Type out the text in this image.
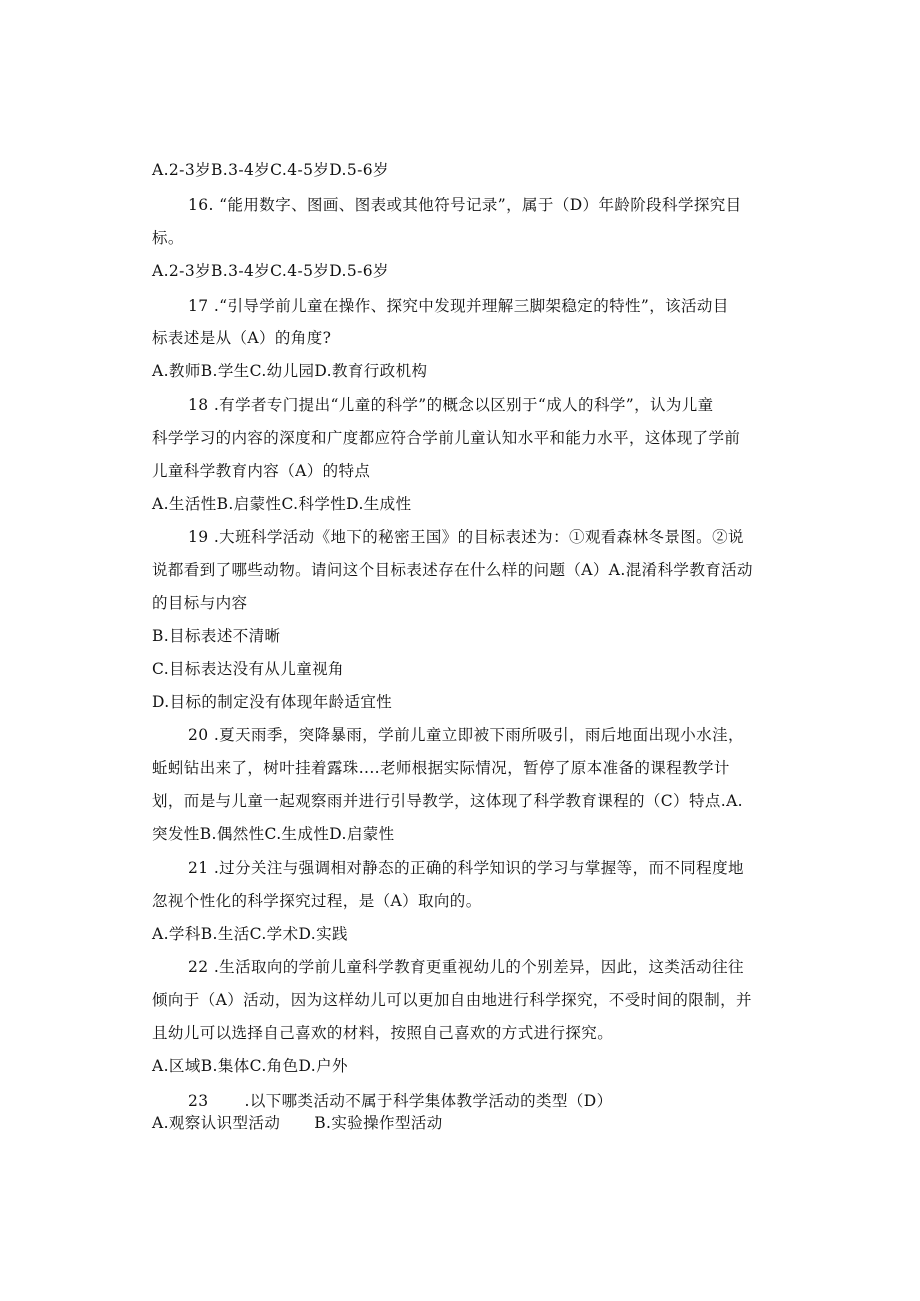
A.2-3岁B.3-4岁C.4-5岁D.5-6岁
16. “能用数字、图画、图表或其他符号记录”，属于（D）年龄阶段科学探究目
标。
A.2-3岁B.3-4岁C.4-5岁D.5-6岁
17 .“引导学前儿童在操作、探究中发现并理解三脚架稳定的特性”，该活动目
标表述是从（A）的角度?
A.教师B.学生C.幼儿园D.教育行政机构
18 .有学者专门提出“儿童的科学”的概念以区别于“成人的科学”，认为儿童
科学学习的内容的深度和广度都应符合学前儿童认知水平和能力水平，这体现了学前
儿童科学教育内容（A）的特点
A.生活性B.启蒙性C.科学性D.生成性
19 .大班科学活动《地下的秘密王国》的目标表述为：①观看森林冬景图。②说
说都看到了哪些动物。请问这个目标表述存在什么样的问题（A）A.混淆科学教育活动
的目标与内容
B.目标表述不清晰
C.目标表达没有从儿童视角
D.目标的制定没有体现年龄适宜性
20 .夏天雨季，突降暴雨，学前儿童立即被下雨所吸引，雨后地面出现小水洼，
蚯蚓钻出来了，树叶挂着露珠....老师根据实际情况，暂停了原本准备的课程教学计
划，而是与儿童一起观察雨并进行引导教学，这体现了科学教育课程的（C）特点.A.
突发性B.偶然性C.生成性D.启蒙性
21 .过分关注与强调相对静态的正确的科学知识的学习与掌握等，而不同程度地
忽视个性化的科学探究过程，是（A）取向的。
A.学科B.生活C.学术D.实践
22 .生活取向的学前儿童科学教育更重视幼儿的个别差异，因此，这类活动往往
倾向于（A）活动，因为这样幼儿可以更加自由地进行科学探究，不受时间的限制，并
且幼儿可以选择自己喜欢的材料，按照自己喜欢的方式进行探究。
A.区域B.集体C.角色D.户外
23 .以下哪类活动不属于科学集体教学活动的类型（D）
A.观察认识型活动 B.实验操作型活动
